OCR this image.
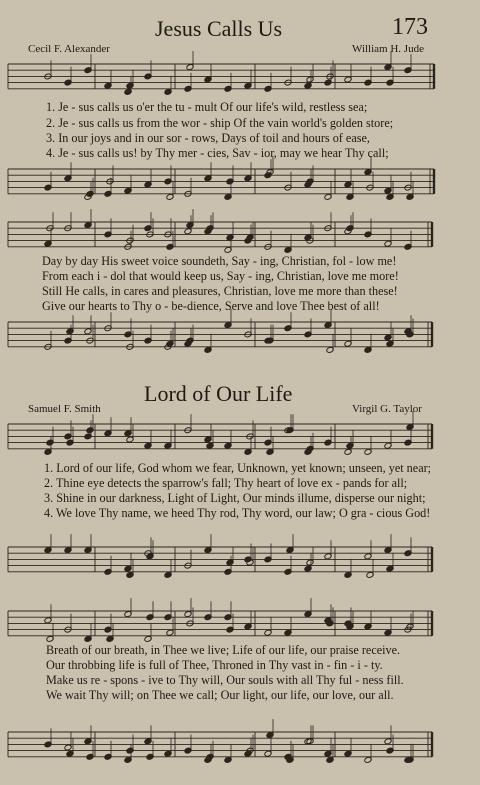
Jesus Calls Us	173
Cecil F. Alexander	William H. Jude
1. Je - sus calls us o'er the tu - mult Of our life's wild, restless sea;
2. Je - sus calls us from the wor - ship Of the vain world's golden store;
3. In our joys and in our sor - rows, Days of toil and hours of ease,
4. Je - sus calls us! by Thy mer - cies, Sav - ior, may we hear Thy call;
Day by day His sweet voice soundeth, Say - ing, Christian, fol - low me!
From each i - dol that would keep us, Say - ing, Christian, love me more!
Still He calls, in cares and pleasures, Christian, love me more than these!
Give our hearts to Thy o - be-dience, Serve and love Thee best of all!
Lord of Our Life
Samuel F. Smith	Virgil G. Taylor
1. Lord of our life, God whom we fear, Unknown, yet known; unseen, yet near;
2. Thine eye detects the sparrow's fall; Thy heart of love ex - pands for all;
3. Shine in our darkness, Light of Light, Our minds illume, disperse our night;
4. We love Thy name, we heed Thy rod, Thy word, our law; O gra - cious God!
Breath of our breath, in Thee we live; Life of our life, our praise receive.
Our throbbing life is full of Thee, Throned in Thy vast in - fin - i - ty.
Make us re - spons - ive to Thy will, Our souls with all Thy ful - ness fill.
We wait Thy will; on Thee we call; Our light, our life, our love, our all.
